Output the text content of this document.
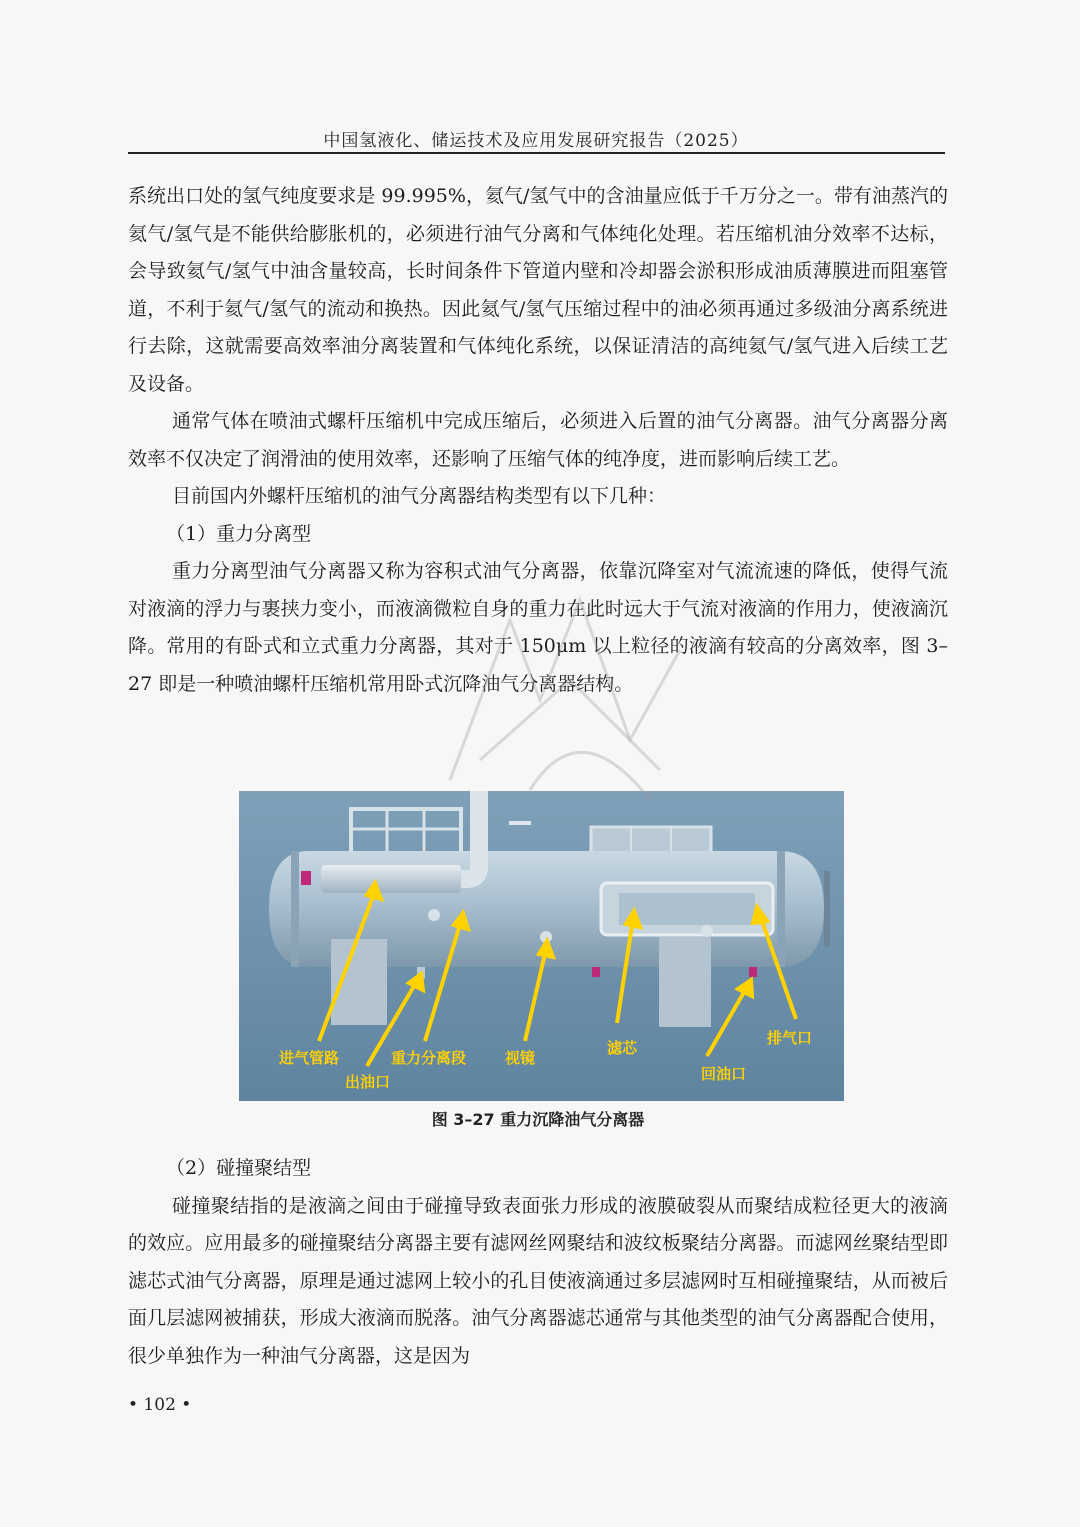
中国氢液化、储运技术及应用发展研究报告（2025）

系统出口处的氢气纯度要求是 99.995%，氦气/氢气中的含油量应低于千万分之一。带有油蒸汽的氦气/氢气是不能供给膨胀机的，必须进行油气分离和气体纯化处理。若压缩机油分效率不达标，会导致氦气/氢气中油含量较高，长时间条件下管道内壁和冷却器会淤积形成油质薄膜进而阻塞管道，不利于氦气/氢气的流动和换热。因此氦气/氢气压缩过程中的油必须再通过多级油分离系统进行去除，这就需要高效率油分离装置和气体纯化系统，以保证清洁的高纯氦气/氢气进入后续工艺及设备。

通常气体在喷油式螺杆压缩机中完成压缩后，必须进入后置的油气分离器。油气分离器分离效率不仅决定了润滑油的使用效率，还影响了压缩气体的纯净度，进而影响后续工艺。

目前国内外螺杆压缩机的油气分离器结构类型有以下几种：

（1）重力分离型

重力分离型油气分离器又称为容积式油气分离器，依靠沉降室对气流流速的降低，使得气流对液滴的浮力与裹挟力变小，而液滴微粒自身的重力在此时远大于气流对液滴的作用力，使液滴沉降。常用的有卧式和立式重力分离器，其对于 150μm 以上粒径的液滴有较高的分离效率，图 3–27 即是一种喷油螺杆压缩机常用卧式沉降油气分离器结构。

进气管路
出油口
重力分离段	视镜
滤芯
回油口
排气口
图 3–27 重力沉降油气分离器

（2）碰撞聚结型

碰撞聚结指的是液滴之间由于碰撞导致表面张力形成的液膜破裂从而聚结成粒径更大的液滴的效应。应用最多的碰撞聚结分离器主要有滤网丝网聚结和波纹板聚结分离器。而滤网丝聚结型即滤芯式油气分离器，原理是通过滤网上较小的孔目使液滴通过多层滤网时互相碰撞聚结，从而被后面几层滤网被捕获，形成大液滴而脱落。油气分离器滤芯通常与其他类型的油气分离器配合使用，很少单独作为一种油气分离器，这是因为

• 102 •
